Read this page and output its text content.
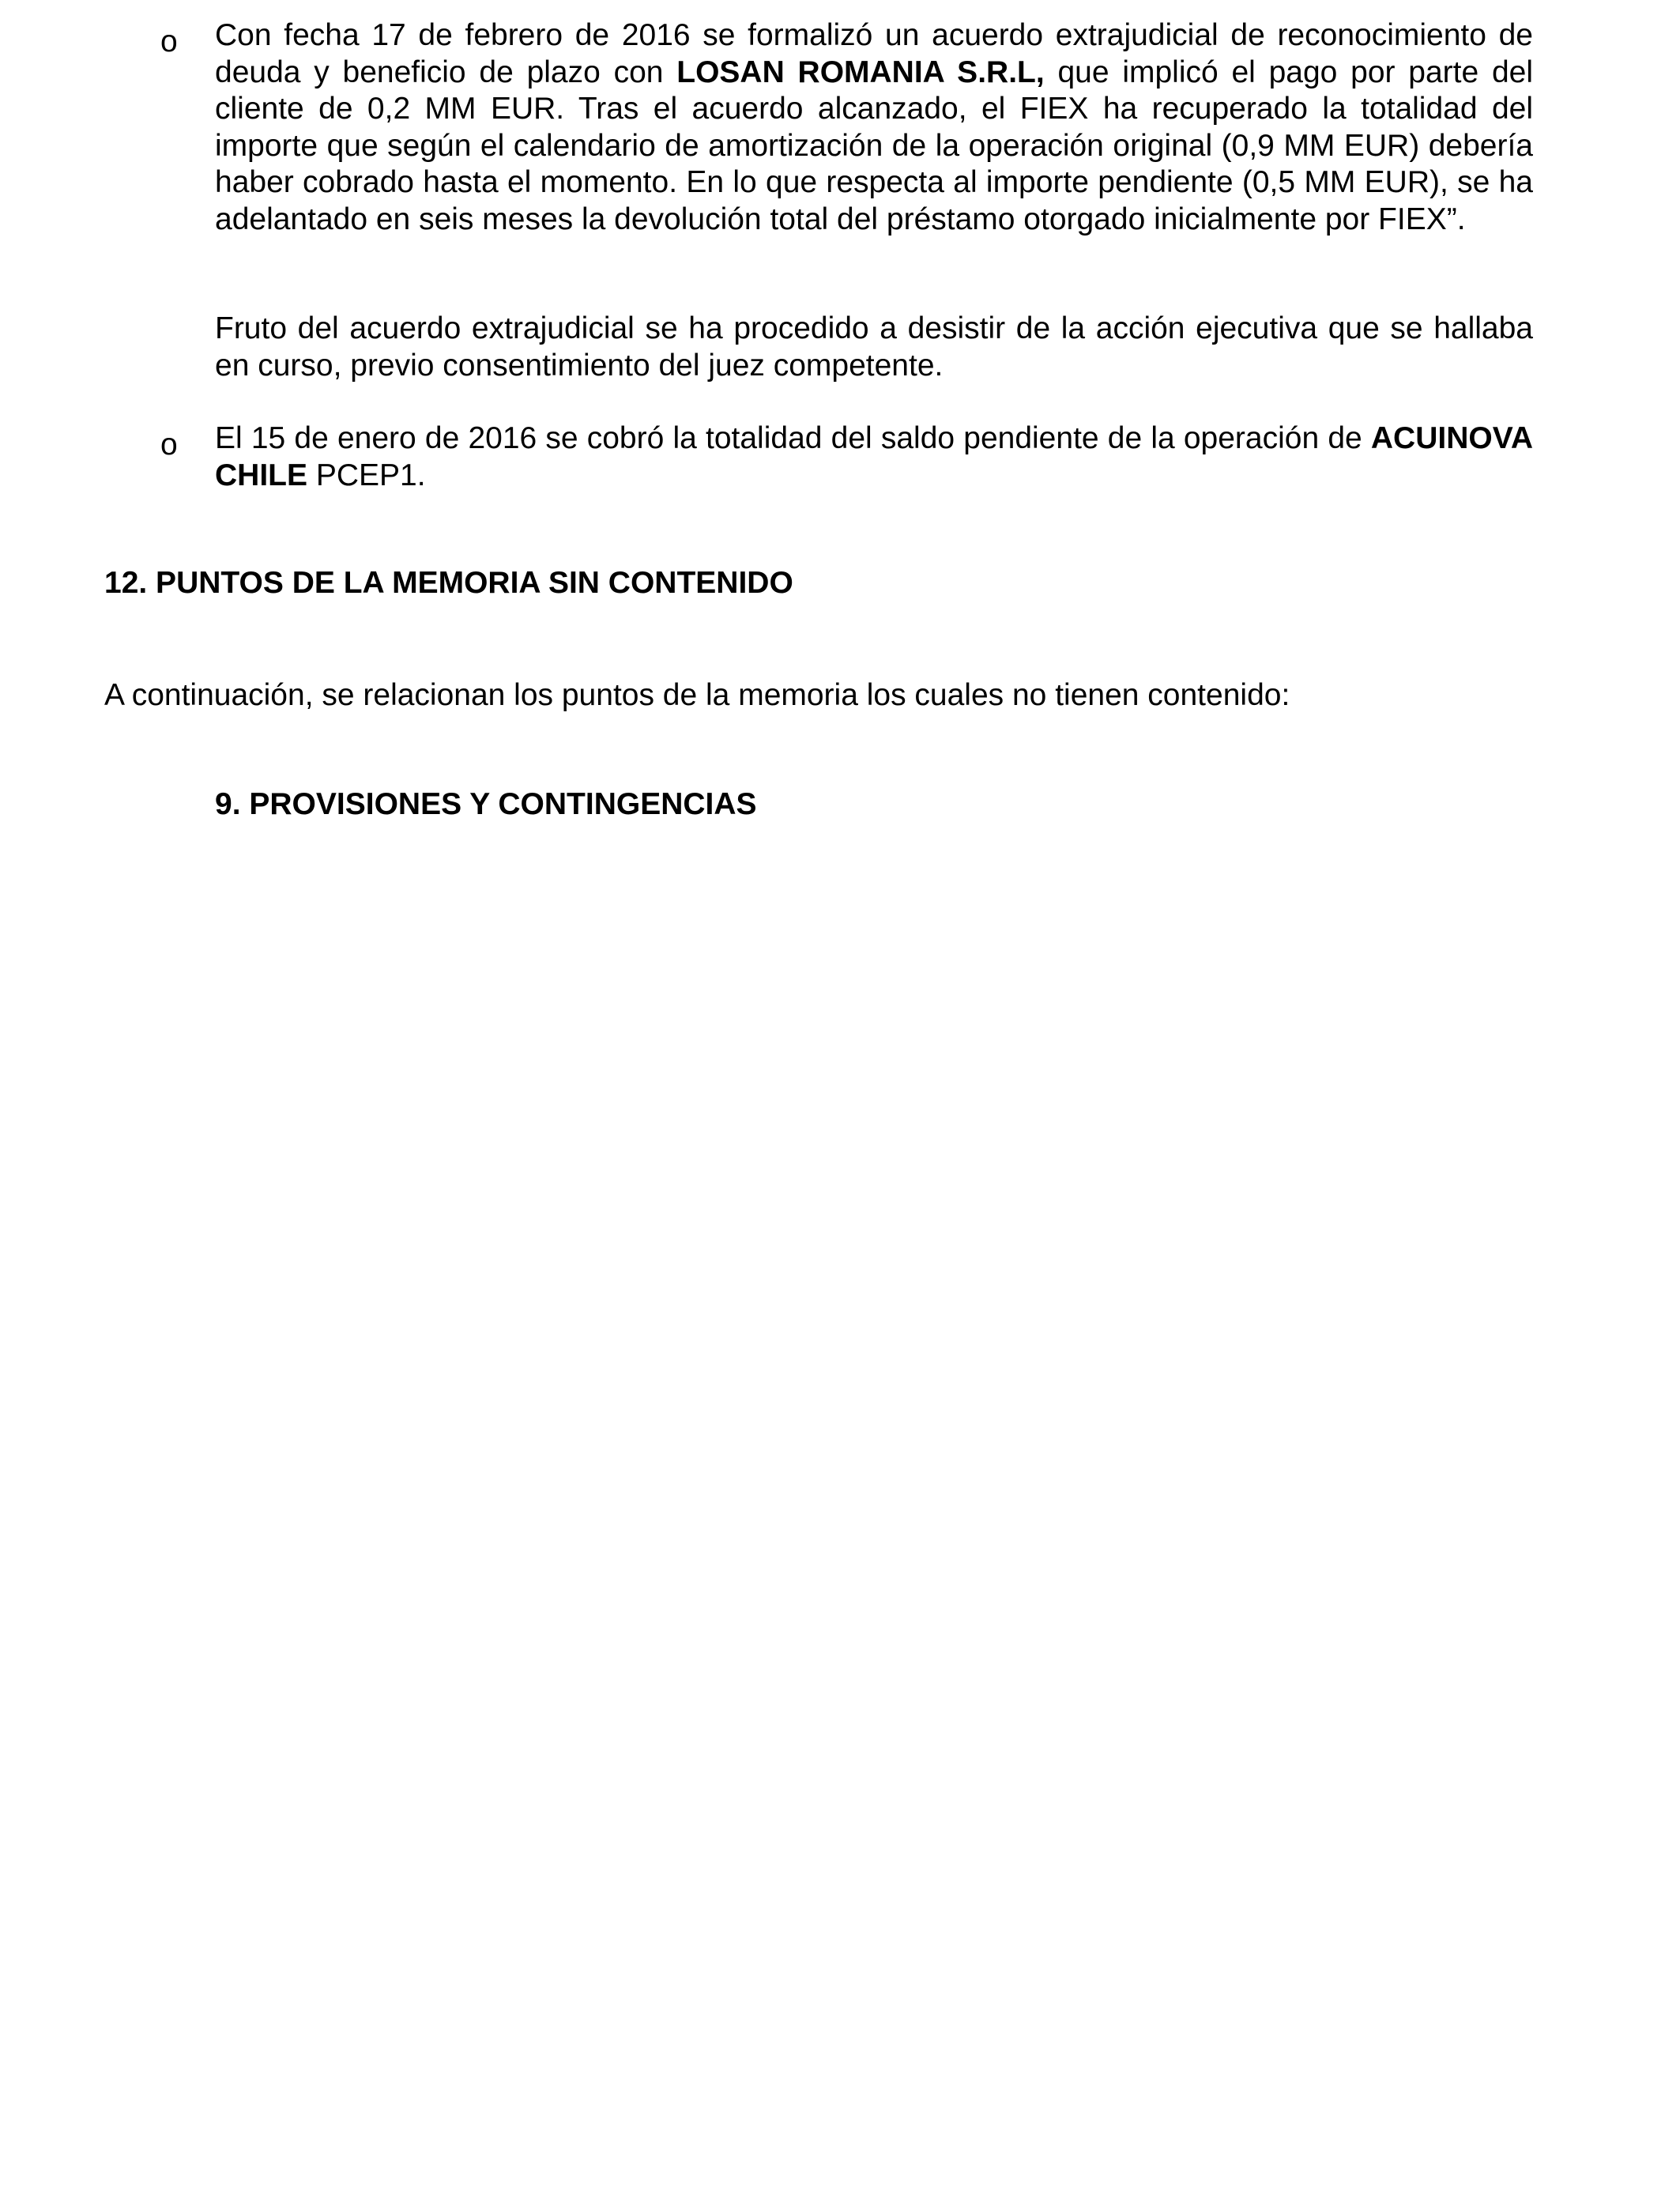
o Con fecha 17 de febrero de 2016 se formalizó un acuerdo extrajudicial de reconocimiento de deuda y beneficio de plazo con LOSAN ROMANIA S.R.L, que implicó el pago por parte del cliente de 0,2 MM EUR. Tras el acuerdo alcanzado, el FIEX ha recuperado la totalidad del importe que según el calendario de amortización de la operación original (0,9 MM EUR) debería haber cobrado hasta el momento. En lo que respecta al importe pendiente (0,5 MM EUR), se ha adelantado en seis meses la devolución total del préstamo otorgado inicialmente por FIEX”.
Fruto del acuerdo extrajudicial se ha procedido a desistir de la acción ejecutiva que se hallaba en curso, previo consentimiento del juez competente.
o El 15 de enero de 2016 se cobró la totalidad del saldo pendiente de la operación de ACUINOVA CHILE PCEP1.
12. PUNTOS DE LA MEMORIA SIN CONTENIDO
A continuación, se relacionan los puntos de la memoria los cuales no tienen contenido:
9. PROVISIONES Y CONTINGENCIAS
